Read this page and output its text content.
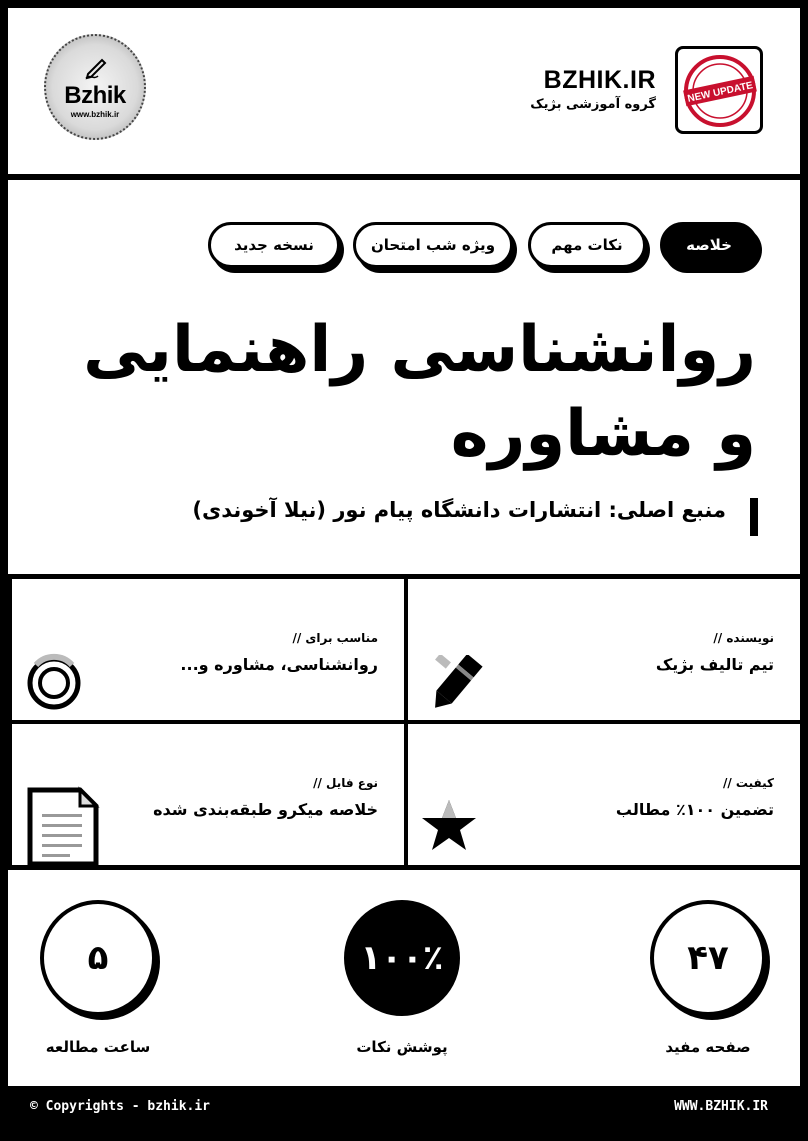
Bzhik
www.bzhik.ir
BZHIK.IR
گروه آموزشی بژیک	NEW UPDATE
خلاصه
نکات مهم
ویژه شب امتحان
نسخه جدید
روانشناسی راهنمایی
و مشاوره
منبع اصلی: انتشارات دانشگاه پیام نور (نیلا آخوندی)
نویسنده //
تیم تالیف بژیک
مناسب برای //
روانشناسی، مشاوره و...
کیفیت //
تضمین ۱۰۰٪ مطالب
نوع فایل //
خلاصه میکرو طبقه‌بندی شده
۴۷
صفحه مفید
۱۰۰٪
پوشش نکات
۵
ساعت مطالعه
© Copyrights - bzhik.ir	WWW.BZHIK.IR
